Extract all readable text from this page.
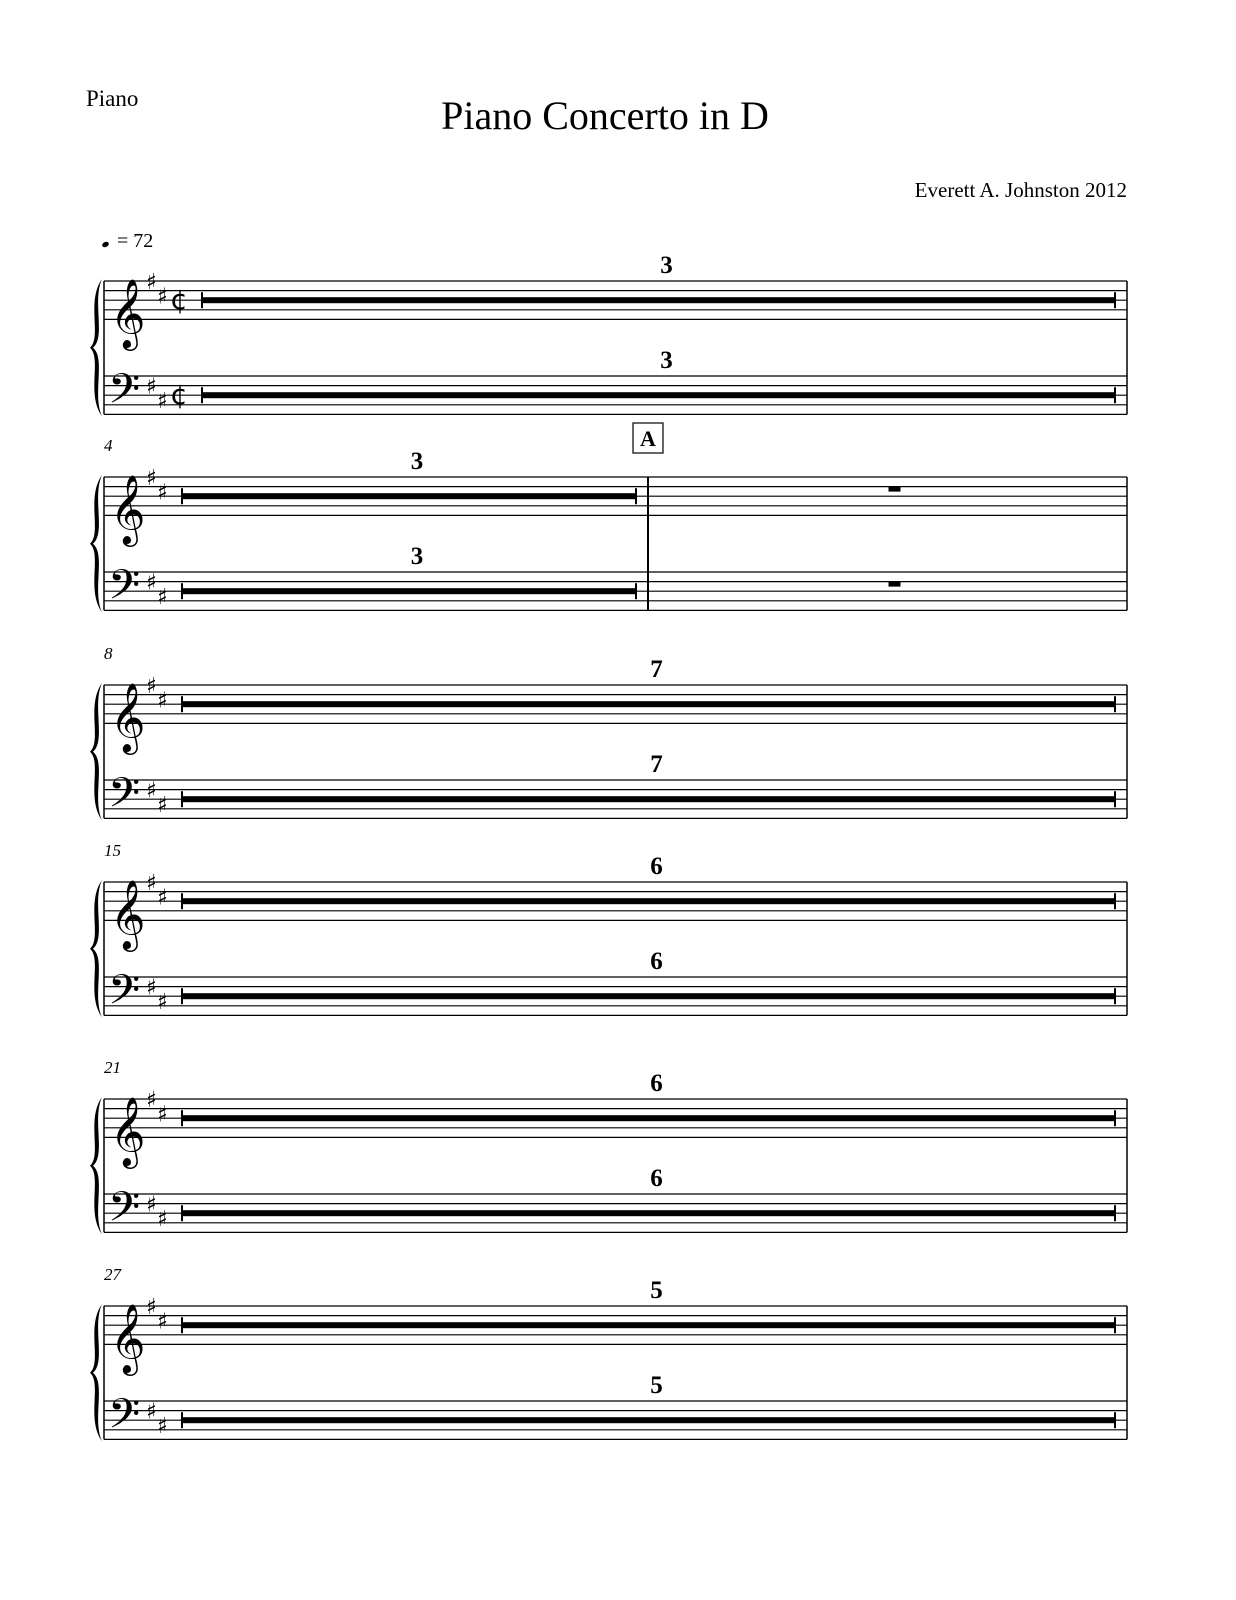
Piano	Piano Concerto in D
Everett A. Johnston 2012
= 72
𝄞
𝄢
♯
♯
♯
♯
¢
¢
3
3
𝄞
𝄢
♯
♯
♯
♯
4
3
3
A
𝄞
𝄢
♯
♯
♯
♯
8
7
7
𝄞
𝄢
♯
♯
♯
♯
15
6
6
𝄞
𝄢
♯
♯
♯
♯
21
6
6
𝄞
𝄢
♯
♯
♯
♯
27
5
5
